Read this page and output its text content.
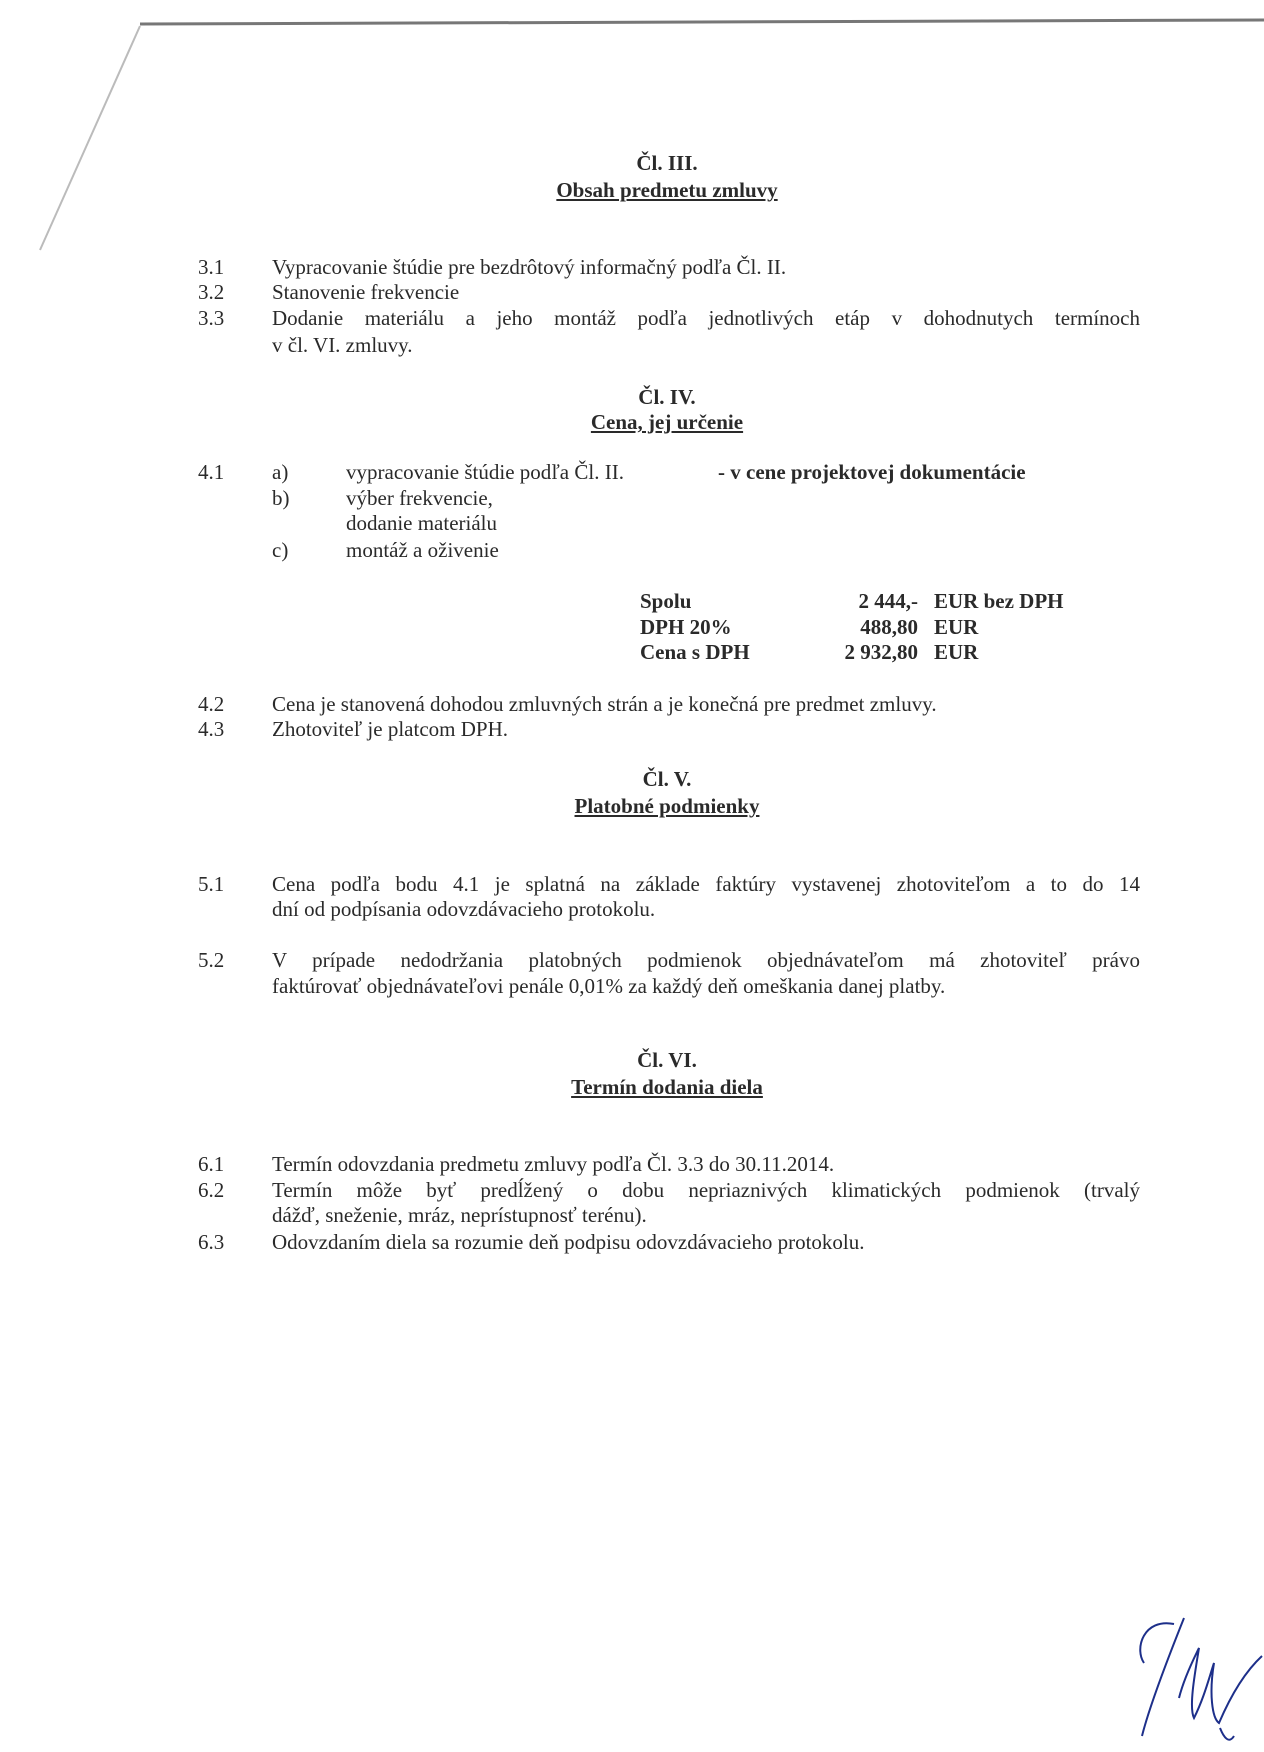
Čl. III.
Obsah predmetu zmluvy
3.1 Vypracovanie štúdie pre bezdrôtový informačný podľa Čl. II.
3.2 Stanovenie frekvencie
3.3 Dodanie materiálu a jeho montáž podľa jednotlivých etáp v dohodnutych termínoch
v čl. VI. zmluvy.
Čl. IV.
Cena, jej určenie
4.1 a)	vypracovanie štúdie podľa Čl. II.	- v cene projektovej dokumentácie
b)	výber frekvencie,
dodanie materiálu
c)	montáž a oživenie
Spolu	2 444,- EUR bez DPH
DPH 20%	488,80 EUR
Cena s DPH	2 932,80 EUR
4.2 Cena je stanovená dohodou zmluvných strán a je konečná pre predmet zmluvy.
4.3 Zhotoviteľ je platcom DPH.
Čl. V.
Platobné podmienky
5.1 Cena podľa bodu 4.1 je splatná na základe faktúry vystavenej zhotoviteľom a to do 14
dní od podpísania odovzdávacieho protokolu.
5.2 V prípade nedodržania platobných podmienok objednávateľom má zhotoviteľ právo
faktúrovať objednávateľovi penále 0,01% za každý deň omeškania danej platby.
Čl. VI.
Termín dodania diela
6.1 Termín odovzdania predmetu zmluvy podľa Čl. 3.3 do 30.11.2014.
6.2 Termín môže byť predĺžený o dobu nepriaznivých klimatických podmienok (trvalý
dážď, sneženie, mráz, neprístupnosť terénu).
6.3 Odovzdaním diela sa rozumie deň podpisu odovzdávacieho protokolu.
